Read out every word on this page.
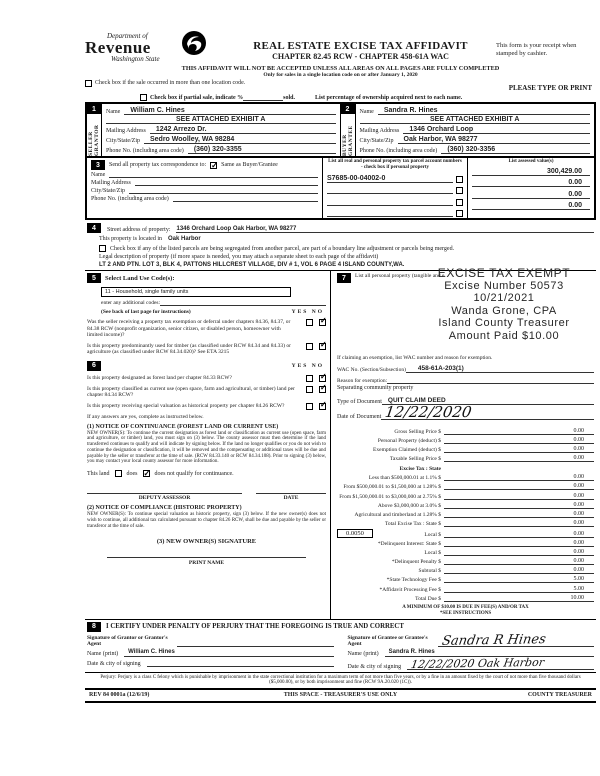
Department of
Revenue
Washington State
REAL ESTATE EXCISE TAX AFFIDAVIT
CHAPTER 82.45 RCW - CHAPTER 458-61A WAC
This form is your receipt when stamped by cashier.
THIS AFFIDAVIT WILL NOT BE ACCEPTED UNLESS ALL AREAS ON ALL PAGES ARE FULLY COMPLETED
Only for sales in a single location code on or after January 1, 2020
Check box if the sale occurred in more than one location code.
PLEASE TYPE OR PRINT
Check box if partial sale, indicate %	sold.	List percentage of ownership acquired next to each name.
1
SELLER GRANTOR
Name	William C. Hines
SEE ATTACHED EXHIBIT A
Mailing Address	1242 Arrezo Dr.
City/State/Zip	Sedro Woolley, WA 98284
Phone No. (including area code)	(360) 320-3355
2
BUYER GRANTEE
Name	Sandra R. Hines
SEE ATTACHED EXHIBIT A
Mailing Address	1346 Orchard Loop
City/State/Zip	Oak Harbor, WA 98277
Phone No. (including area code)	(360) 320-3356
3	Send all property tax correspondence to: ✓	Same as Buyer/Grantee
Name
Mailing Address
City/State/Zip
Phone No. (including area code)
List all real and personal property tax parcel account numbers - check box if personal property
S7685-00-04002-0
List assessed value(s)
300,429.00
0.00
0.00
0.00
4	Street address of property: 1346 Orchard Loop Oak Harbor, WA 98277
This property is located in Oak Harbor
Check box if any of the listed parcels are being segregated from another parcel, are part of a boundary line adjustment or parcels being merged.
Legal description of property (if more space is needed, you may attach a separate sheet to each page of the affidavit)
LT 2 AND PTN. LOT 3, BLK 4, PATTONS HILLCREST VILLAGE, DIV # 1, VOL 6 PAGE 4 ISLAND COUNTY,WA.
5	Select Land Use Code(s):
11 - Household, single family units
enter any additional codes:
(See back of last page for instructions)	YES NO
Was the seller receiving a property tax exemption or deferral under chapters 84.36, 84.37, or 84.38 RCW (nonprofit organization, senior citizen, or disabled person, homeowner with limited income)?
✓
Is this property predominantly used for timber (as classified under RCW 84.34 and 84.33) or agriculture (as classified under RCW 84.34.020)? See ETA 3215
✓
6	YES NO
Is this property designated as forest land per chapter 84.33 RCW?
✓
Is this property classified as current use (open space, farm and agricultural, or timber) land per chapter 84.34 RCW?
✓
Is this property receiving special valuation as historical property per chapter 84.26 RCW?
✓
If any answers are yes, complete as instructed below.
(1) NOTICE OF CONTINUANCE (FOREST LAND OR CURRENT USE)
NEW OWNER(S): To continue the current designation as forest land or classification as current use (open space, farm and agriculture, or timber) land, you must sign on (3) below. The county assessor must then determine if the land transferred continues to qualify and will indicate by signing below. If the land no longer qualifies or you do not wish to continue the designation or classification, it will be removed and the compensating or additional taxes will be due and payable by the seller or transferor at the time of sale. (RCW 84.33.140 or RCW 84.34.108). Prior to signing (3) below, you may contact your local county assessor for more information.
This land	does ✓	does not qualify for continuance.
DEPUTY ASSESSOR	DATE
(2) NOTICE OF COMPLIANCE (HISTORIC PROPERTY)
NEW OWNER(S): To continue special valuation as historic property, sign (3) below. If the new owner(s) does not wish to continue, all additional tax calculated pursuant to chapter 84.26 RCW, shall be due and payable by the seller or transferor at the time of sale.
(3) NEW OWNER(S) SIGNATURE
PRINT NAME
7	List all personal property (tangible and e
EXCISE TAX EXEMPT
Excise Number 50573
10/21/2021
Wanda Grone, CPA
Island County Treasurer
Amount Paid $10.00
If claiming an exemption, list WAC number and reason for exemption.
WAC No. (Section/Subsection)	458-61A-203(1)
Reason for exemption:
Separating community property
Type of Document QUIT CLAIM DEED
Date of Document 12/22/2020
Gross Selling Price $	0.00
Personal Property (deduct) $	0.00
Exemption Claimed (deduct) $	0.00
Taxable Selling Price $	0.00
Excise Tax : State
Less than $500,000.01 at 1.1% $	0.00
From $500,000.01 to $1,500,000 at 1.28% $	0.00
From $1,500,000.01 to $3,000,000 at 2.75% $	0.00
Above $3,000,000 at 3.0% $	0.00
Agricultural and timberland at 1.28% $	0.00
Total Excise Tax : State $	0.00
0.0050	Local $	0.00
*Delinquent Interest: State $	0.00
Local $	0.00
*Delinquent Penalty $	0.00
Subtotal $	0.00
*State Technology Fee $	5.00
*Affidavit Processing Fee $	5.00
Total Due $	10.00
A MINIMUM OF $10.00 IS DUE IN FEE(S) AND/OR TAX
*SEE INSTRUCTIONS
8	I CERTIFY UNDER PENALTY OF PERJURY THAT THE FOREGOING IS TRUE AND CORRECT
Signature of Grantor or Grantor's Agent
Name (print)	William C. Hines
Date & city of signing
Signature of Grantee or Grantee's Agent	Sandra R Hines
Name (print)	Sandra R. Hines
Date & city of signing 12/22/2020 Oak Harbor
Perjury: Perjury is a class C felony which is punishable by imprisonment in the state correctional institution for a maximum term of not more than five years, or by a fine in an amount fixed by the court of not more than five thousand dollars ($5,000.00), or by both imprisonment and fine (RCW 9A.20.020 (1C)).
REV 84 0001a (12/6/19)	THIS SPACE - TREASURER'S USE ONLY	COUNTY TREASURER
